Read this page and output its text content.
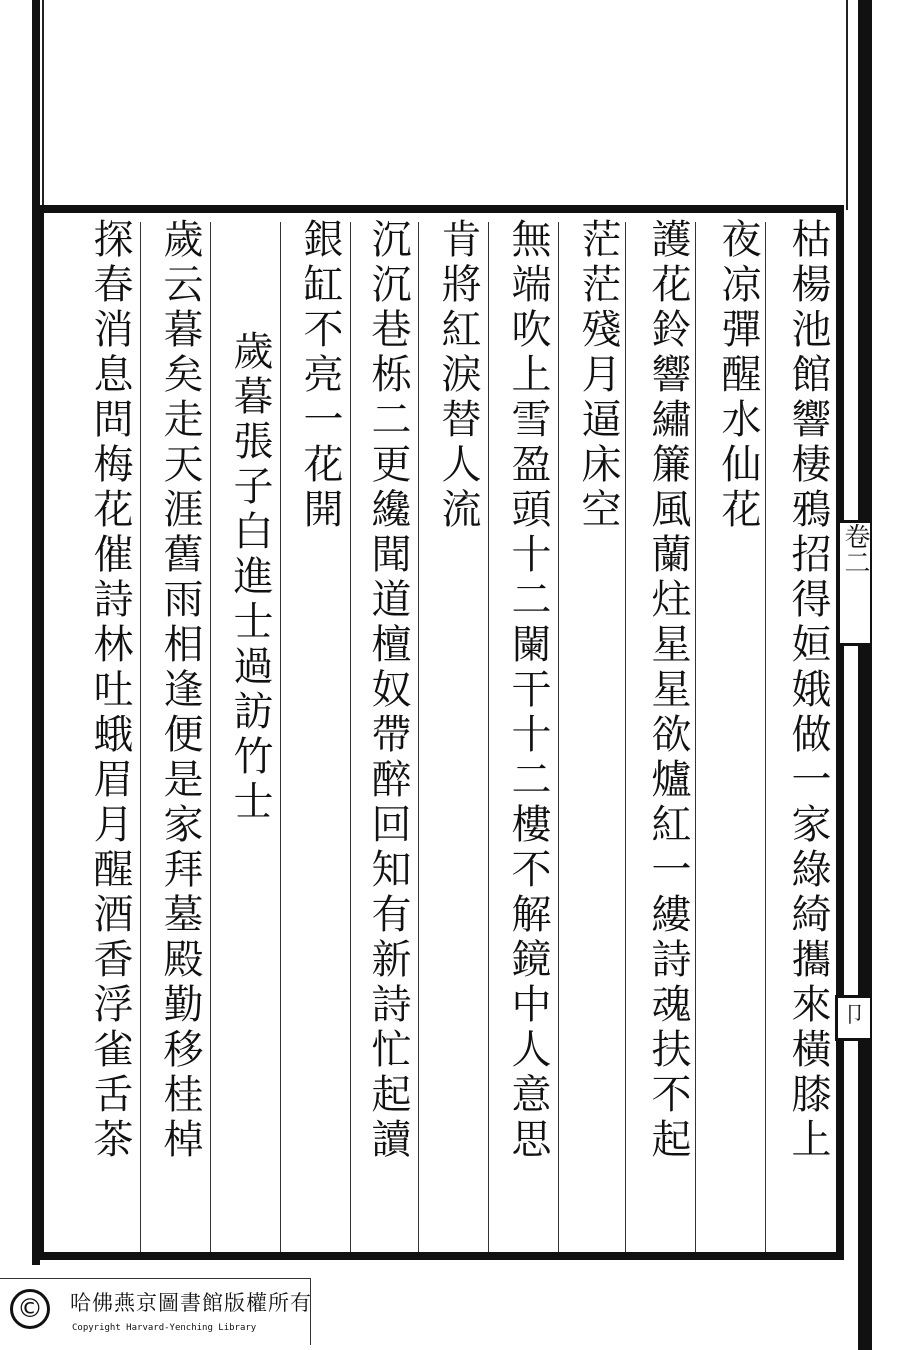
枯楊池館響棲鴉招得姮娥做一家綠綺攜來橫膝上
夜凉彈醒水仙花
護花鈴響繡簾風蘭炷星星欲爐紅一縷詩魂扶不起
茫茫殘月逼床空
無端吹上雪盈頭十二闌干十二樓不解鏡中人意思
肯將紅淚替人流
沉沉巷栎二更纔聞道檀奴帶醉回知有新詩忙起讀
銀缸不亮一花開
歲暮張子白進士過訪竹士
歲云暮矣走天涯舊雨相逢便是家拜墓殿勤移桂棹
探春消息問梅花催詩林吐蛾眉月醒酒香浮雀舌茶	卷二
卩
©	哈佛燕京圖書館版權所有
Copyright Harvard-Yenching Library
